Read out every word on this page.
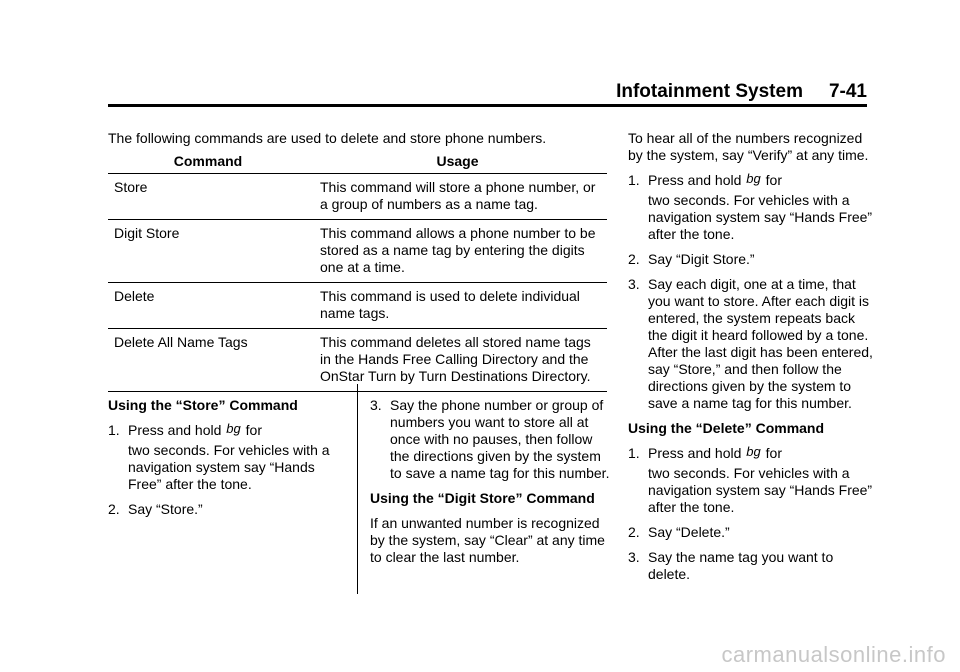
Infotainment System 7-41
The following commands are used to delete and store phone numbers.
Command	Usage
Store	This command will store a phone number, or a group of numbers as a name tag.
Digit Store	This command allows a phone number to be stored as a name tag by entering the digits one at a time.
Delete	This command is used to delete individual name tags.
Delete All Name Tags	This command deletes all stored name tags in the Hands Free Calling Directory and the OnStar Turn by Turn Destinations Directory.

Using the “Store” Command

1. Press and hold bg for

two seconds. For vehicles with a navigation system say “Hands Free” after the tone.

2. Say “Store.”

3. Say the phone number or group of numbers you want to store all at once with no pauses, then follow the directions given by the system to save a name tag for this number.

Using the “Digit Store” Command

If an unwanted number is recognized by the system, say “Clear” at any time to clear the last number.

To hear all of the numbers recognized by the system, say “Verify” at any time.

1. Press and hold bg for

two seconds. For vehicles with a navigation system say “Hands Free” after the tone.

2. Say “Digit Store.”

3. Say each digit, one at a time, that you want to store. After each digit is entered, the system repeats back the digit it heard followed by a tone. After the last digit has been entered, say “Store,” and then follow the directions given by the system to save a name tag for this number.

Using the “Delete” Command

1. Press and hold bg for

two seconds. For vehicles with a navigation system say “Hands Free” after the tone.

2. Say “Delete.”

3. Say the name tag you want to delete.

carmanualsonline.info
